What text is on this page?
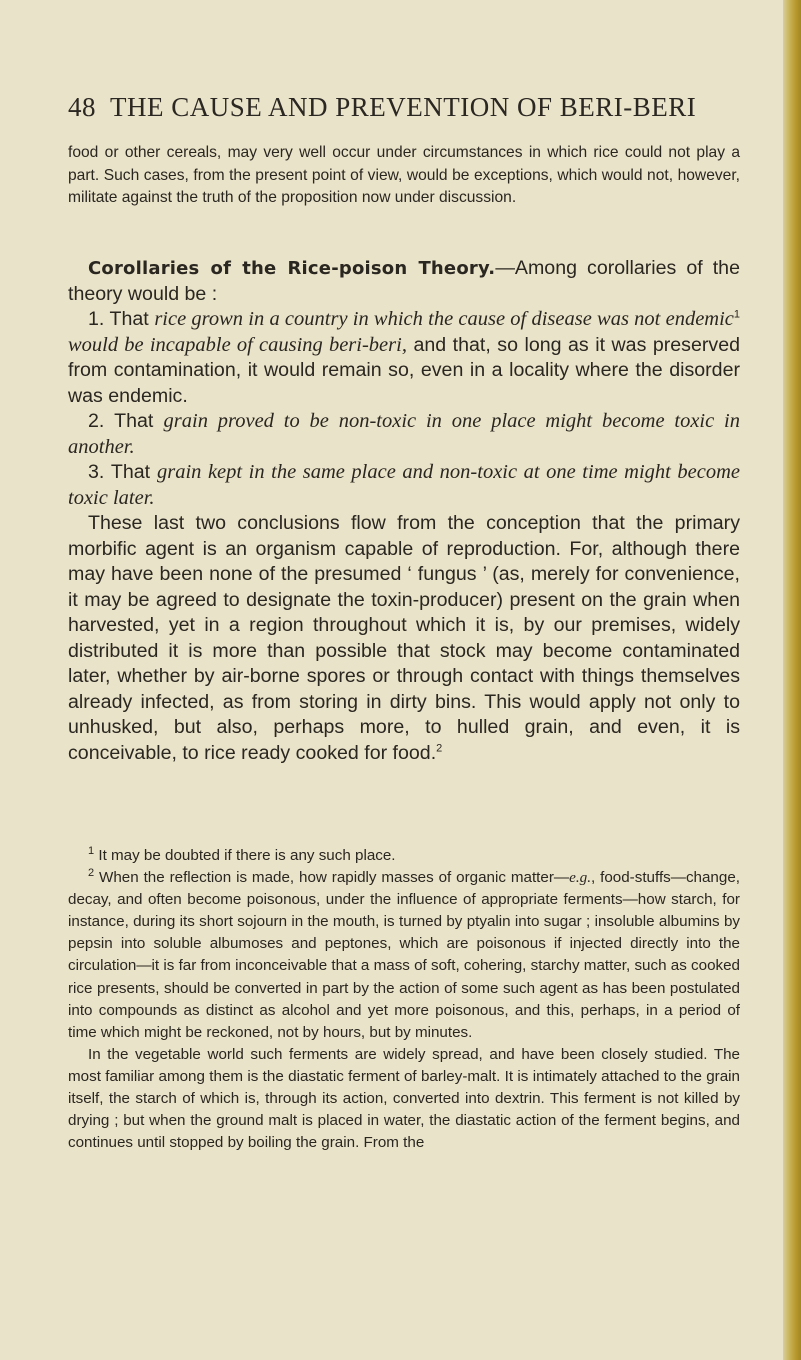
48 THE CAUSE AND PREVENTION OF BERI-BERI

food or other cereals, may very well occur under circumstances in which rice could not play a part. Such cases, from the present point of view, would be exceptions, which would not, however, militate against the truth of the proposition now under discussion.

Corollaries of the Rice-poison Theory.—Among corollaries of the theory would be :

1. That rice grown in a country in which the cause of disease was not endemic$^1$ would be incapable of causing beri-beri, and that, so long as it was preserved from contamination, it would remain so, even in a locality where the disorder was endemic.

2. That grain proved to be non-toxic in one place might become toxic in another.

3. That grain kept in the same place and non-toxic at one time might become toxic later.

These last two conclusions flow from the conception that the primary morbific agent is an organism capable of reproduction. For, although there may have been none of the presumed ‘ fungus ’ (as, merely for convenience, it may be agreed to designate the toxin-producer) present on the grain when harvested, yet in a region throughout which it is, by our premises, widely distributed it is more than possible that stock may become contaminated later, whether by air-borne spores or through contact with things themselves already infected, as from storing in dirty bins. This would apply not only to unhusked, but also, perhaps more, to hulled grain, and even, it is conceivable, to rice ready cooked for food.$^2$

$^1$ It may be doubted if there is any such place.

$^2$ When the reflection is made, how rapidly masses of organic matter—e.g., food-stuffs—change, decay, and often become poisonous, under the influence of appropriate ferments—how starch, for instance, during its short sojourn in the mouth, is turned by ptyalin into sugar ; insoluble albumins by pepsin into soluble albumoses and peptones, which are poisonous if injected directly into the circulation—it is far from inconceivable that a mass of soft, cohering, starchy matter, such as cooked rice presents, should be converted in part by the action of some such agent as has been postulated into compounds as distinct as alcohol and yet more poisonous, and this, perhaps, in a period of time which might be reckoned, not by hours, but by minutes.

In the vegetable world such ferments are widely spread, and have been closely studied. The most familiar among them is the diastatic ferment of barley-malt. It is intimately attached to the grain itself, the starch of which is, through its action, converted into dextrin. This ferment is not killed by drying ; but when the ground malt is placed in water, the diastatic action of the ferment begins, and continues until stopped by boiling the grain. From the
